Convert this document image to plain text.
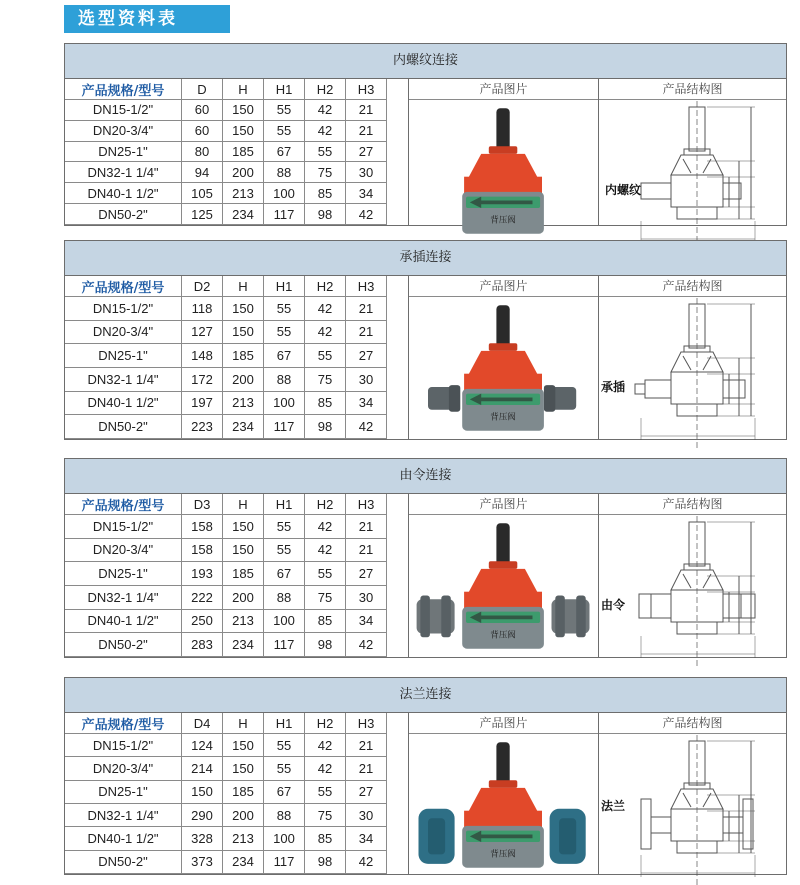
选型资料表
内螺纹连接
产品规格/型号	D	H	H1	H2	H3
DN15-1/2"	60	150	55	42	21
DN20-3/4"	60	150	55	42	21
DN25-1"	80	185	67	55	27
DN32-1 1/4"	94	200	88	75	30
DN40-1 1/2"	105	213	100	85	34
DN50-2"	125	234	117	98	42
产品图片	产品结构图
背压阀
内螺纹
承插连接
产品规格/型号	D2	H	H1	H2	H3
DN15-1/2"	118	150	55	42	21
DN20-3/4"	127	150	55	42	21
DN25-1"	148	185	67	55	27
DN32-1 1/4"	172	200	88	75	30
DN40-1 1/2"	197	213	100	85	34
DN50-2"	223	234	117	98	42
产品图片	产品结构图
背压阀
承插
由令连接
产品规格/型号	D3	H	H1	H2	H3
DN15-1/2"	158	150	55	42	21
DN20-3/4"	158	150	55	42	21
DN25-1"	193	185	67	55	27
DN32-1 1/4"	222	200	88	75	30
DN40-1 1/2"	250	213	100	85	34
DN50-2"	283	234	117	98	42
产品图片	产品结构图
背压阀
由令
法兰连接
产品规格/型号	D4	H	H1	H2	H3
DN15-1/2"	124	150	55	42	21
DN20-3/4"	214	150	55	42	21
DN25-1"	150	185	67	55	27
DN32-1 1/4"	290	200	88	75	30
DN40-1 1/2"	328	213	100	85	34
DN50-2"	373	234	117	98	42
产品图片	产品结构图
背压阀
法兰
